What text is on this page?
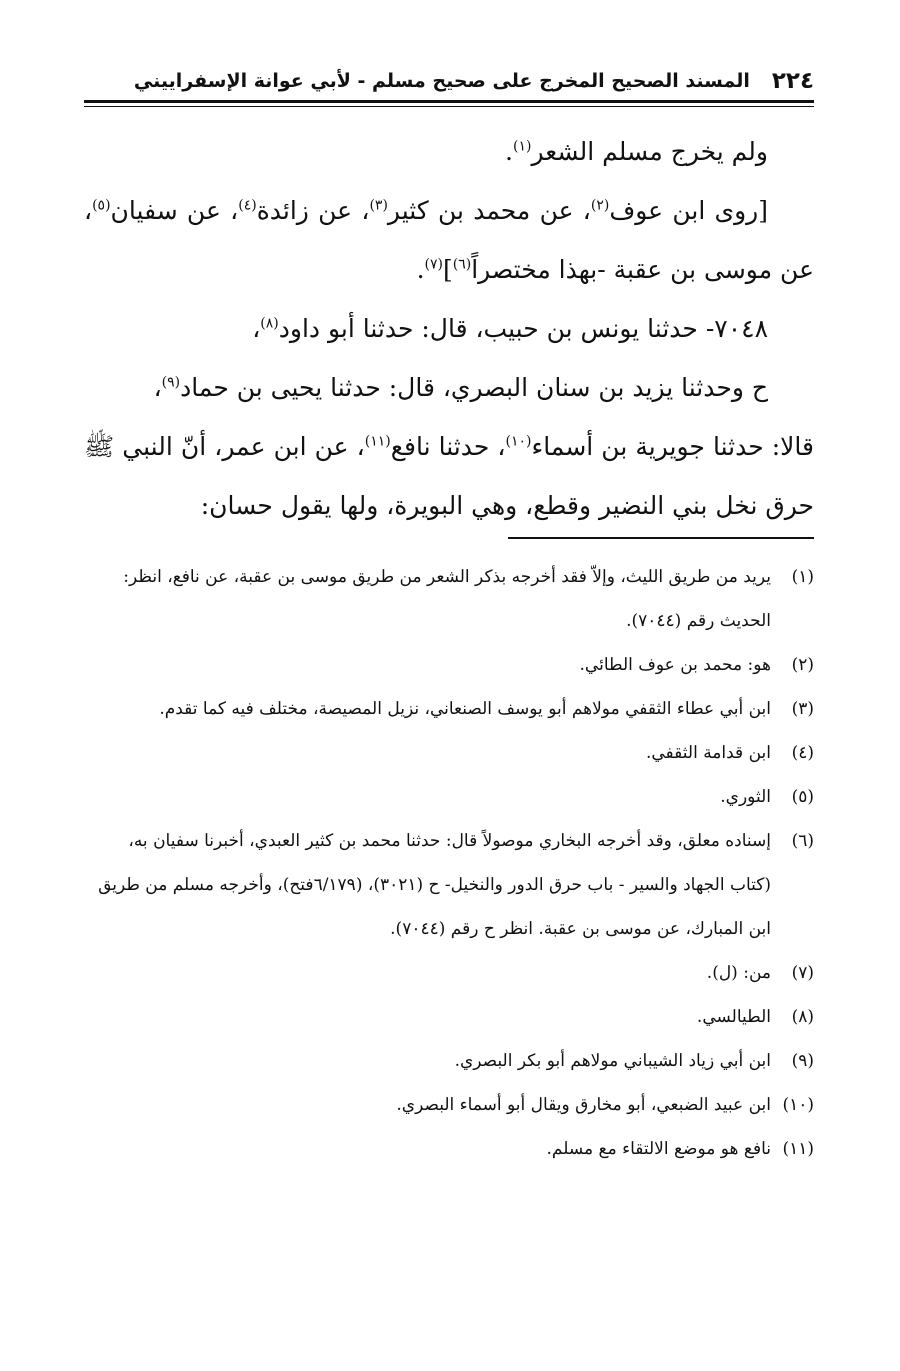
٢٢٤
المسند الصحيح المخرج على صحيح مسلم - لأبي عوانة الإسفراييني

ولم يخرج مسلم الشعر$^{(١)}$.

[روى ابن عوف$^{(٢)}$، عن محمد بن كثير$^{(٣)}$، عن زائدة$^{(٤)}$، عن سفيان$^{(٥)}$، عن موسى بن عقبة -بهذا مختصراً$^{(٦)}$]$^{(٧)}$.

٧٠٤٨- حدثنا يونس بن حبيب، قال: حدثنا أبو داود$^{(٨)}$،

ح وحدثنا يزيد بن سنان البصري، قال: حدثنا يحيى بن حماد$^{(٩)}$،

قالا: حدثنا جويرية بن أسماء$^{(١٠)}$، حدثنا نافع$^{(١١)}$، عن ابن عمر، أنّ النبي ﷺ حرق نخل بني النضير وقطع، وهي البويرة، ولها يقول حسان:

(١)يريد من طريق الليث، وإلاّ فقد أخرجه بذكر الشعر من طريق موسى بن عقبة، عن نافع، انظر: الحديث رقم (٧٠٤٤).

(٢)هو: محمد بن عوف الطائي.

(٣)ابن أبي عطاء الثقفي مولاهم أبو يوسف الصنعاني، نزيل المصيصة، مختلف فيه كما تقدم.

(٤)ابن قدامة الثقفي.

(٥)الثوري.

(٦)إسناده معلق، وقد أخرجه البخاري موصولاً قال: حدثنا محمد بن كثير العبدي، أخبرنا سفيان به، (كتاب الجهاد والسير - باب حرق الدور والنخيل- ح (٣٠٢١)، (٦/١٧٩فتح)، وأخرجه مسلم من طريق ابن المبارك، عن موسى بن عقبة. انظر ح رقم (٧٠٤٤).

(٧)من: (ل).

(٨)الطيالسي.

(٩)ابن أبي زياد الشيباني مولاهم أبو بكر البصري.

(١٠)ابن عبيد الضبعي، أبو مخارق ويقال أبو أسماء البصري.

(١١)نافع هو موضع الالتقاء مع مسلم.
